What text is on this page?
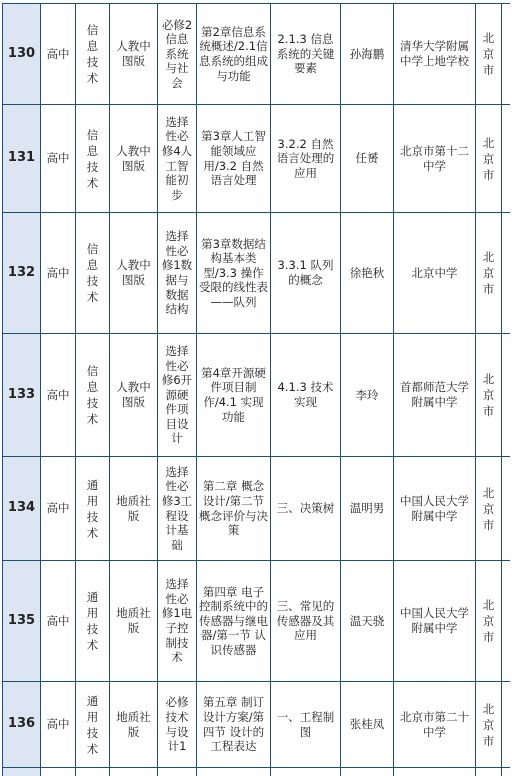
130 高中
信息技术
人教中图版
必修2信息系统与社会
第2章信息系统概述/2.1信息系统的组成与功能
2.1.3 信息系统的关键要素
孙海鹏
清华大学附属中学上地学校
北京市
131 高中
信息技术
人教中图版
选择性必修4人工智能初步
第3章人工智能领域应用/3.2 自然语言处理
3.2.2 自然语言处理的应用
任赟
北京市第十二中学
北京市
132 高中
信息技术
人教中图版
选择性必修1数据与数据结构
第3章数据结构基本类型/3.3 操作受限的线性表——队列
3.3.1 队列的概念
徐艳秋	北京中学
北京市
133 高中
信息技术
人教中图版
选择性必修6开源硬件项目设计
第4章开源硬件项目制作/4.1 实现功能
4.1.3 技术实现
李玲
首都师范大学附属中学
北京市
134 高中
通用技术
地质社版
选择性必修3工程设计基础
第二章 概念设计/第二节 概念评价与决策
三、决策树	温明男
中国人民大学附属中学
北京市
135 高中
通用技术
地质社版
选择性必修1电子控制技术
第四章 电子控制系统中的传感器与继电器/第一节 认识传感器
三、常见的传感器及其应用
温天骁
中国人民大学附属中学
北京市
136 高中
通用技术
地质社版
必修技术与设计1
第五章 制订设计方案/第四节 设计的工程表达
一、工程制图
张桂凤
北京市第二十中学
北京市
